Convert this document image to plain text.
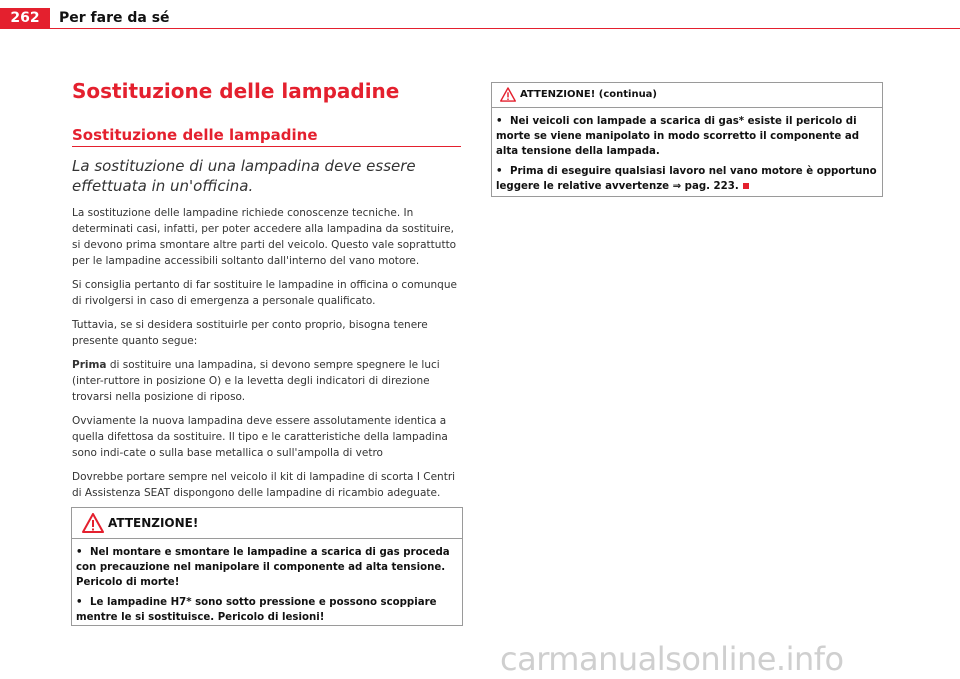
262	Per fare da sé
Sostituzione delle lampadine
Sostituzione delle lampadine
La sostituzione di una lampadina deve essere effettuata in un'officina.

La sostituzione delle lampadine richiede conoscenze tecniche. In determinati casi, infatti, per poter accedere alla lampadina da sostituire, si devono prima smontare altre parti del veicolo. Questo vale soprattutto per le lampadine accessibili soltanto dall'interno del vano motore.

Si consiglia pertanto di far sostituire le lampadine in officina o comunque di rivolgersi in caso di emergenza a personale qualificato.

Tuttavia, se si desidera sostituirle per conto proprio, bisogna tenere presente quanto segue:

Prima di sostituire una lampadina, si devono sempre spegnere le luci (inter-ruttore in posizione O) e la levetta degli indicatori di direzione trovarsi nella posizione di riposo.

Ovviamente la nuova lampadina deve essere assolutamente identica a quella difettosa da sostituire. Il tipo e le caratteristiche della lampadina sono indi-cate o sulla base metallica o sull'ampolla di vetro

Dovrebbe portare sempre nel veicolo il kit di lampadine di scorta I Centri di Assistenza SEAT dispongono delle lampadine di ricambio adeguate.

ATTENZIONE!

• Nel montare e smontare le lampadine a scarica di gas proceda con precauzione nel manipolare il componente ad alta tensione. Pericolo di morte!

• Le lampadine H7* sono sotto pressione e possono scoppiare mentre le si sostituisce. Pericolo di lesioni!

ATTENZIONE! (continua)

• Nei veicoli con lampade a scarica di gas* esiste il pericolo di morte se viene manipolato in modo scorretto il componente ad alta tensione della lampada.

• Prima di eseguire qualsiasi lavoro nel vano motore è opportuno leggere le relative avvertenze ⇒ pag. 223.

carmanualsonline.info
